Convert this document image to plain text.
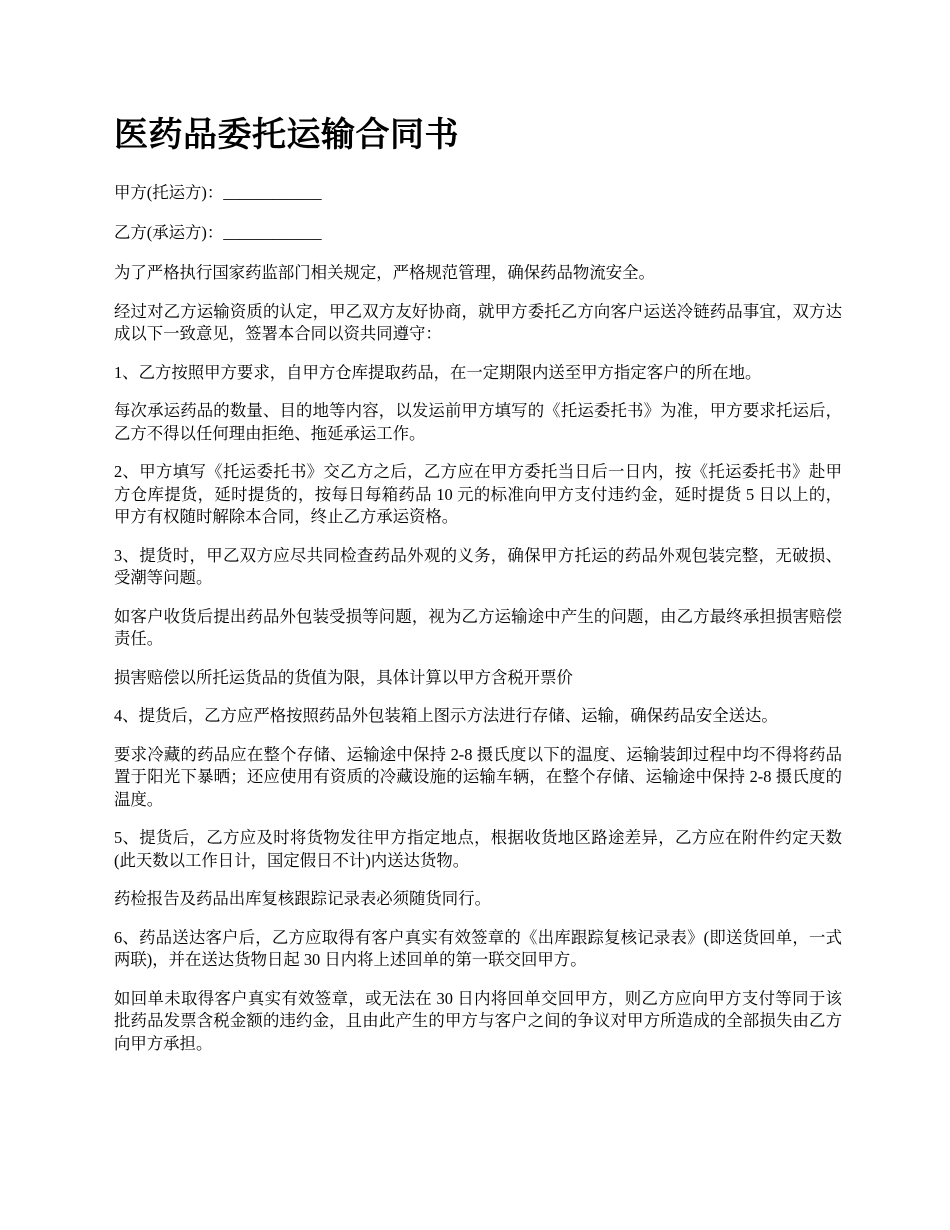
医药品委托运输合同书

甲方(托运方)：____________

乙方(承运方)：____________

为了严格执行国家药监部门相关规定，严格规范管理，确保药品物流安全。

经过对乙方运输资质的认定，甲乙双方友好协商，就甲方委托乙方向客户运送冷链药品事宜，双方达成以下一致意见，签署本合同以资共同遵守：

1、乙方按照甲方要求，自甲方仓库提取药品，在一定期限内送至甲方指定客户的所在地。

每次承运药品的数量、目的地等内容，以发运前甲方填写的《托运委托书》为准，甲方要求托运后，乙方不得以任何理由拒绝、拖延承运工作。

2、甲方填写《托运委托书》交乙方之后，乙方应在甲方委托当日后一日内，按《托运委托书》赴甲方仓库提货，延时提货的，按每日每箱药品 10 元的标准向甲方支付违约金，延时提货 5 日以上的，甲方有权随时解除本合同，终止乙方承运资格。

3、提货时，甲乙双方应尽共同检查药品外观的义务，确保甲方托运的药品外观包装完整，无破损、受潮等问题。

如客户收货后提出药品外包装受损等问题，视为乙方运输途中产生的问题，由乙方最终承担损害赔偿责任。

损害赔偿以所托运货品的货值为限，具体计算以甲方含税开票价

4、提货后，乙方应严格按照药品外包装箱上图示方法进行存储、运输，确保药品安全送达。

要求冷藏的药品应在整个存储、运输途中保持 2-8 摄氏度以下的温度、运输装卸过程中均不得将药品置于阳光下暴晒；还应使用有资质的冷藏设施的运输车辆，在整个存储、运输途中保持 2-8 摄氏度的温度。

5、提货后，乙方应及时将货物发往甲方指定地点，根据收货地区路途差异，乙方应在附件约定天数(此天数以工作日计，国定假日不计)内送达货物。

药检报告及药品出库复核跟踪记录表必须随货同行。

6、药品送达客户后，乙方应取得有客户真实有效签章的《出库跟踪复核记录表》(即送货回单，一式两联)，并在送达货物日起 30 日内将上述回单的第一联交回甲方。

如回单未取得客户真实有效签章，或无法在 30 日内将回单交回甲方，则乙方应向甲方支付等同于该批药品发票含税金额的违约金，且由此产生的甲方与客户之间的争议对甲方所造成的全部损失由乙方向甲方承担。
